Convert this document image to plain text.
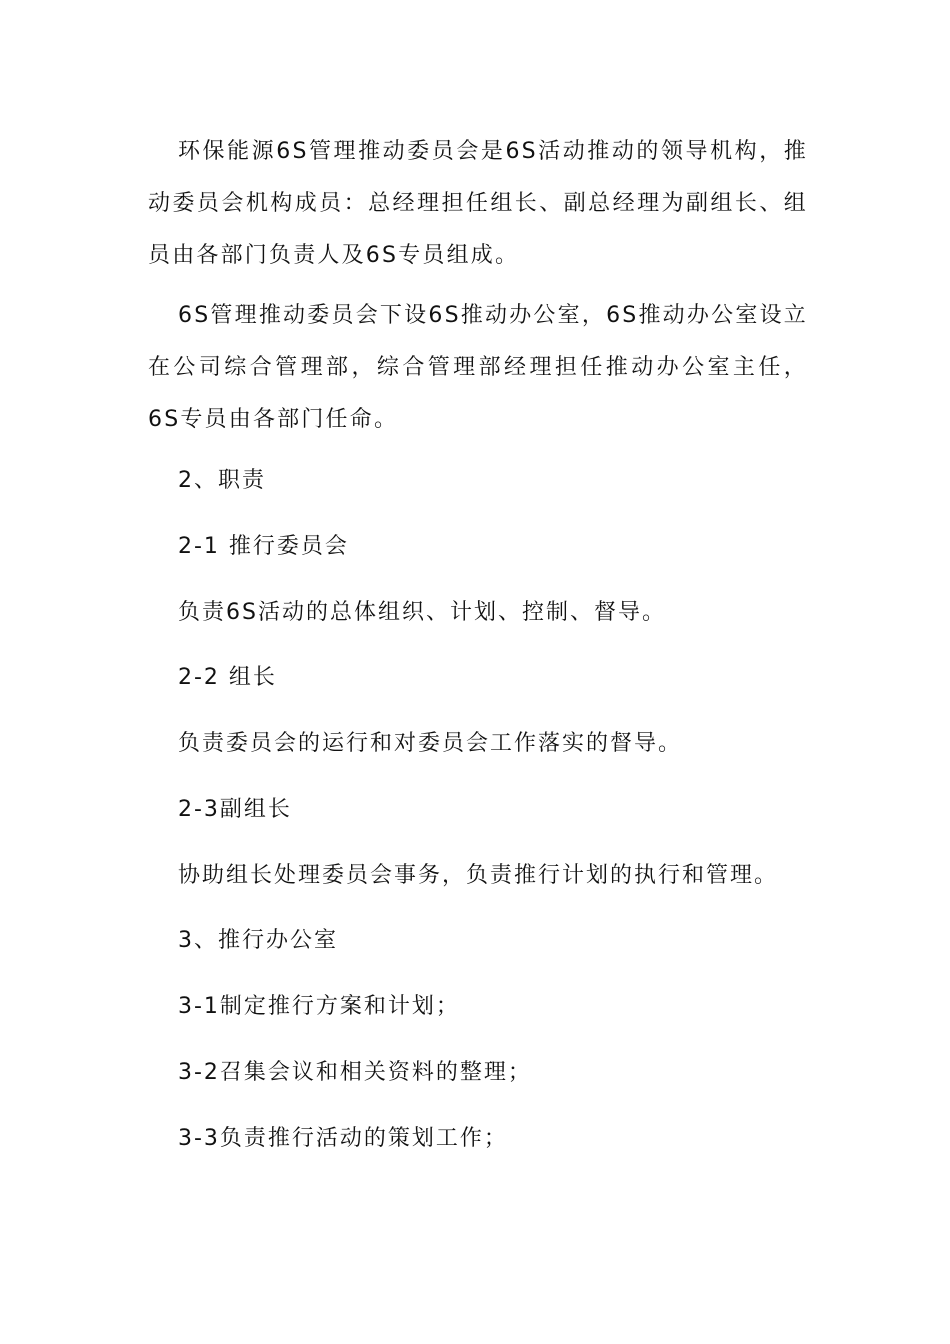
环保能源6S管理推动委员会是6S活动推动的领导机构，推动委员会机构成员：总经理担任组长、副总经理为副组长、组员由各部门负责人及6S专员组成。

6S管理推动委员会下设6S推动办公室，6S推动办公室设立在公司综合管理部，综合管理部经理担任推动办公室主任，6S专员由各部门任命。

2、职责

2-1 推行委员会

负责6S活动的总体组织、计划、控制、督导。

2-2 组长

负责委员会的运行和对委员会工作落实的督导。

2-3副组长

协助组长处理委员会事务，负责推行计划的执行和管理。

3、推行办公室

3-1制定推行方案和计划；

3-2召集会议和相关资料的整理；

3-3负责推行活动的策划工作；
